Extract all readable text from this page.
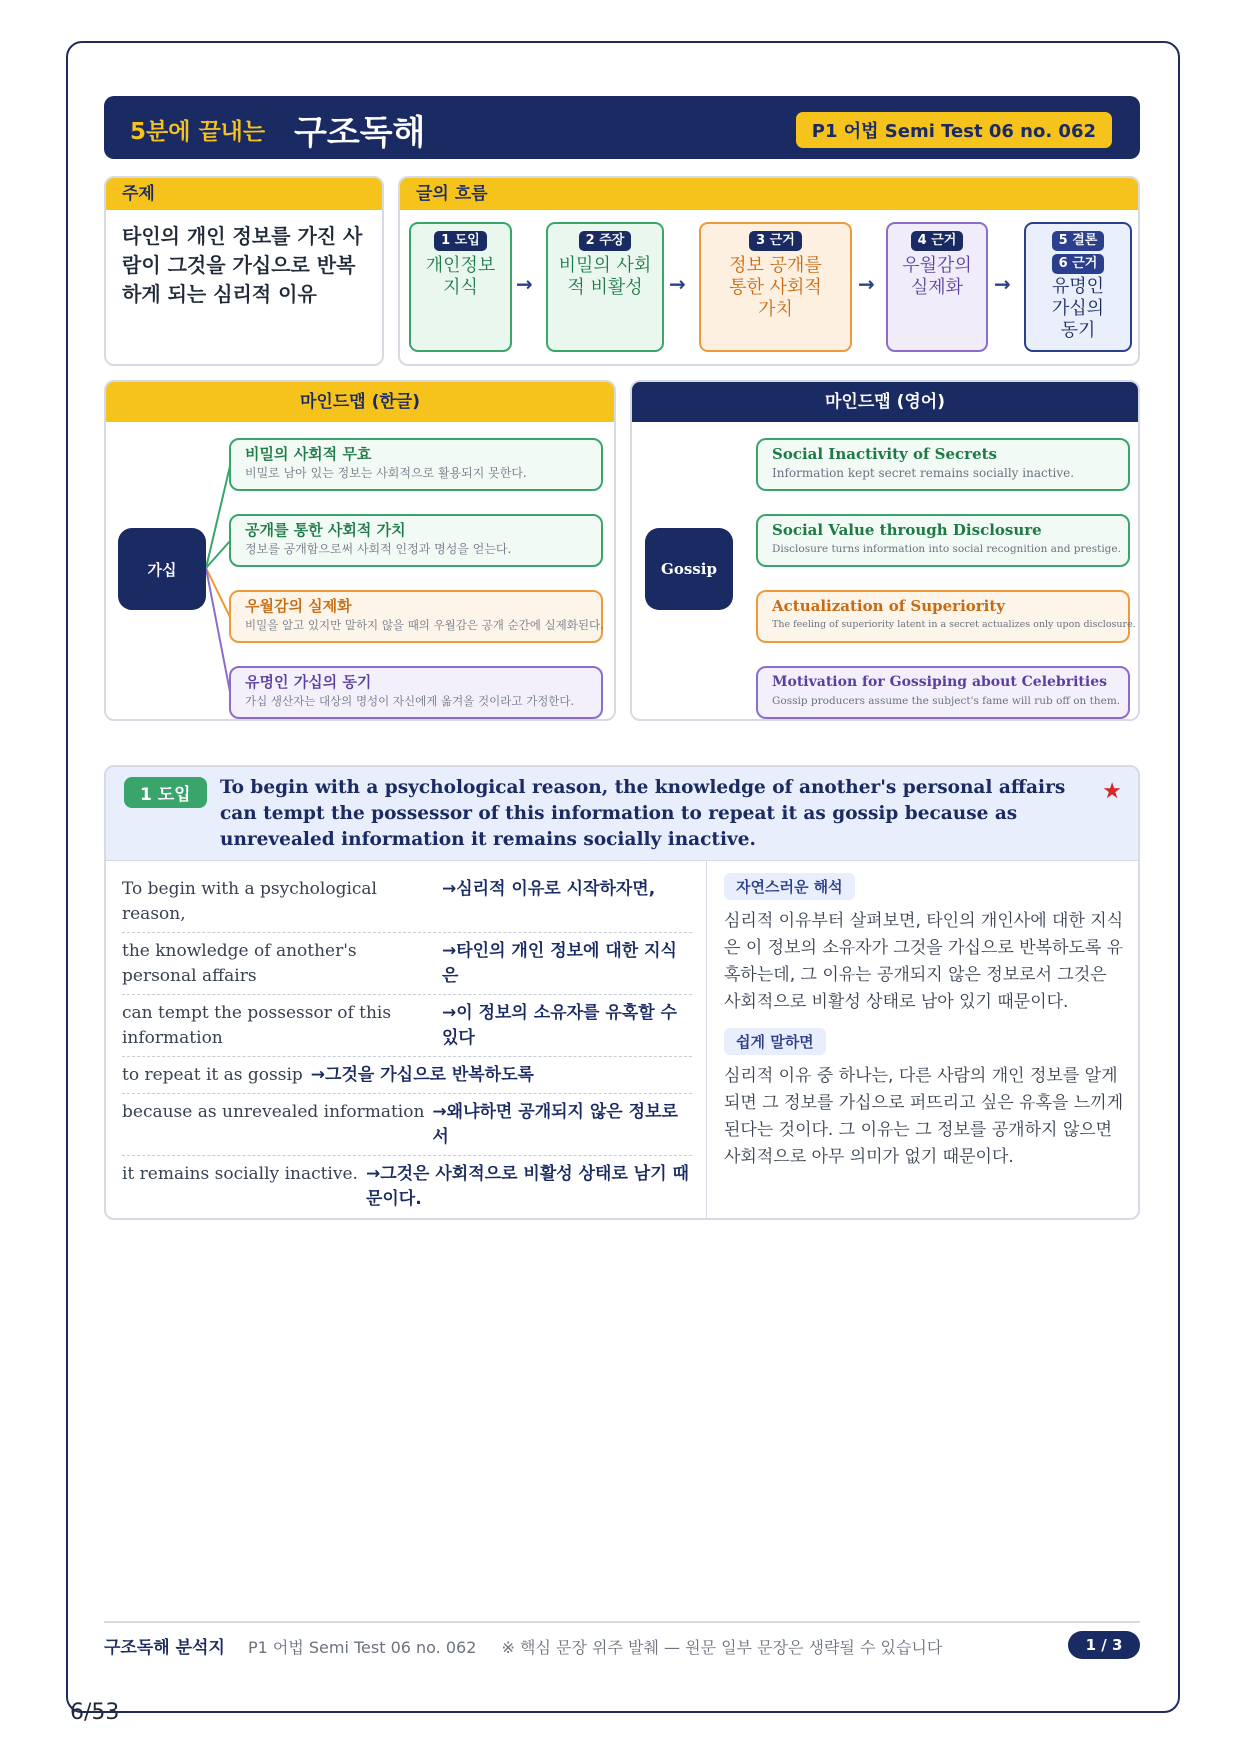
5분에 끝내는 구조독해	P1 어법 Semi Test 06 no. 062
주제
타인의 개인 정보를 가진 사람이 그것을 가십으로 반복하게 되는 심리적 이유
글의 흐름
1 도입
개인정보 지식	→
2 주장
비밀의 사회적 비활성	→
3 근거
정보 공개를 통한 사회적 가치
→
4 근거
우월감의 실제화	→
5 결론
6 근거
유명인 가십의 동기
마인드맵 (한글)
가십
비밀의 사회적 무효
비밀로 남아 있는 정보는 사회적으로 활용되지 못한다.
공개를 통한 사회적 가치
정보를 공개함으로써 사회적 인정과 명성을 얻는다.
우월감의 실제화
비밀을 알고 있지만 말하지 않을 때의 우월감은 공개 순간에 실제화된다.
유명인 가십의 동기
가십 생산자는 대상의 명성이 자신에게 옮겨올 것이라고 가정한다.
마인드맵 (영어)
Gossip
Social Inactivity of Secrets
Information kept secret remains socially inactive.
Social Value through Disclosure
Disclosure turns information into social recognition and prestige.
Actualization of Superiority
The feeling of superiority latent in a secret actualizes only upon disclosure.
Motivation for Gossiping about Celebrities
Gossip producers assume the subject's fame will rub off on them.
1 도입	To begin with a psychological reason, the knowledge of another's personal affairs can tempt the possessor of this information to repeat it as gossip because as unrevealed information it remains socially inactive.
★
To begin with a psychological reason,
→심리적 이유로 시작하자면,
the knowledge of another's personal affairs
→타인의 개인 정보에 대한 지식은
can tempt the possessor of this information
→이 정보의 소유자를 유혹할 수 있다
to repeat it as gossip →그것을 가십으로 반복하도록
because as unrevealed information →왜냐하면 공개되지 않은 정보로서
it remains socially inactive. →그것은 사회적으로 비활성 상태로 남기 때문이다.
자연스러운 해석
심리적 이유부터 살펴보면, 타인의 개인사에 대한 지식은 이 정보의 소유자가 그것을 가십으로 반복하도록 유혹하는데, 그 이유는 공개되지 않은 정보로서 그것은 사회적으로 비활성 상태로 남아 있기 때문이다.
쉽게 말하면
심리적 이유 중 하나는, 다른 사람의 개인 정보를 알게 되면 그 정보를 가십으로 퍼뜨리고 싶은 유혹을 느끼게 된다는 것이다. 그 이유는 그 정보를 공개하지 않으면 사회적으로 아무 의미가 없기 때문이다.
구조독해 분석지 P1 어법 Semi Test 06 no. 062 ※ 핵심 문장 위주 발췌 — 원문 일부 문장은 생략될 수 있습니다	1 / 3
6/53
